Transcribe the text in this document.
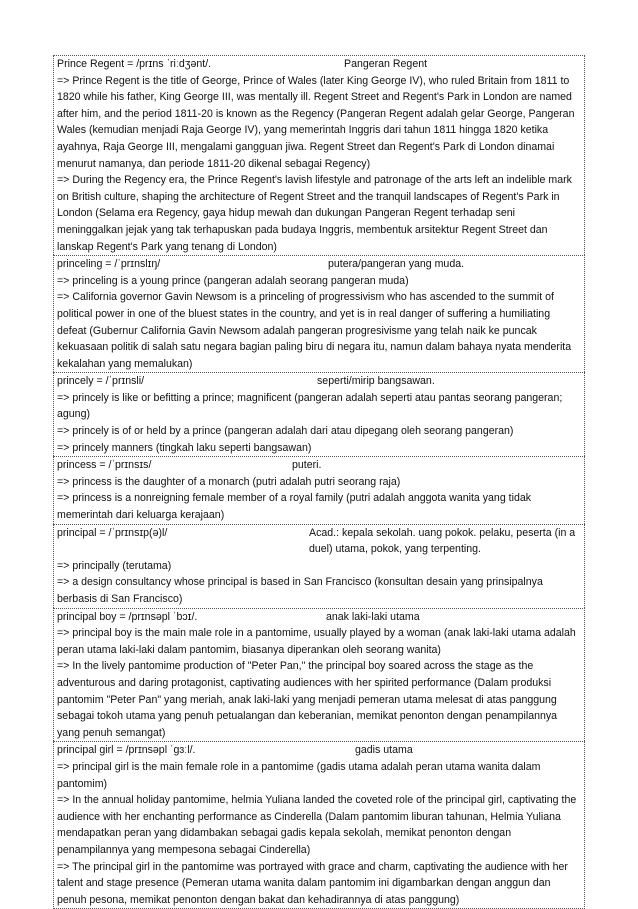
Prince Regent = /prɪns ˈriːdʒənt/.	Pangeran Regent
=> Prince Regent is the title of George, Prince of Wales (later King George IV), who ruled Britain from 1811 to 1820 while his father, King George III, was mentally ill. Regent Street and Regent's Park in London are named after him, and the period 1811-20 is known as the Regency (Pangeran Regent adalah gelar George, Pangeran Wales (kemudian menjadi Raja George IV), yang memerintah Inggris dari tahun 1811 hingga 1820 ketika ayahnya, Raja George III, mengalami gangguan jiwa. Regent Street dan Regent's Park di London dinamai menurut namanya, dan periode 1811-20 dikenal sebagai Regency)
=> During the Regency era, the Prince Regent's lavish lifestyle and patronage of the arts left an indelible mark on British culture, shaping the architecture of Regent Street and the tranquil landscapes of Regent's Park in London (Selama era Regency, gaya hidup mewah dan dukungan Pangeran Regent terhadap seni meninggalkan jejak yang tak terhapuskan pada budaya Inggris, membentuk arsitektur Regent Street dan lanskap Regent's Park yang tenang di London)
princeling = /ˈprɪnslɪŋ/	putera/pangeran yang muda.
=> princeling is a young prince (pangeran adalah seorang pangeran muda)
=> California governor Gavin Newsom is a princeling of progressivism who has ascended to the summit of political power in one of the bluest states in the country, and yet is in real danger of suffering a humiliating defeat (Gubernur California Gavin Newsom adalah pangeran progresivisme yang telah naik ke puncak kekuasaan politik di salah satu negara bagian paling biru di negara itu, namun dalam bahaya nyata menderita kekalahan yang memalukan)
princely = /ˈprɪnsli/	seperti/mirip bangsawan.
=> princely is like or befitting a prince; magnificent (pangeran adalah seperti atau pantas seorang pangeran; agung)
=> princely is of or held by a prince (pangeran adalah dari atau dipegang oleh seorang pangeran)
=> princely manners (tingkah laku seperti bangsawan)
princess = /ˈprɪnsɪs/	puteri.
=> princess is the daughter of a monarch (putri adalah putri seorang raja)
=> princess is a nonreigning female member of a royal family (putri adalah anggota wanita yang tidak memerintah dari keluarga kerajaan)
principal = /ˈprɪnsɪp(ə)l/	Acad.: kepala sekolah. uang pokok. pelaku, peserta (in a duel) utama, pokok, yang terpenting.
=> principally (terutama)
=> a design consultancy whose principal is based in San Francisco (konsultan desain yang prinsipalnya berbasis di San Francisco)
principal boy = /prɪnsəpl ˈbɔɪ/.	anak laki-laki utama
=> principal boy is the main male role in a pantomime, usually played by a woman (anak laki-laki utama adalah peran utama laki-laki dalam pantomim, biasanya diperankan oleh seorang wanita)
=> In the lively pantomime production of "Peter Pan," the principal boy soared across the stage as the adventurous and daring protagonist, captivating audiences with her spirited performance (Dalam produksi pantomim "Peter Pan" yang meriah, anak laki-laki yang menjadi pemeran utama melesat di atas panggung sebagai tokoh utama yang penuh petualangan dan keberanian, memikat penonton dengan penampilannya yang penuh semangat)
principal girl = /prɪnsəpl ˈɡɜːl/.	gadis utama
=> principal girl is the main female role in a pantomime (gadis utama adalah peran utama wanita dalam pantomim)
=> In the annual holiday pantomime, helmia Yuliana landed the coveted role of the principal girl, captivating the audience with her enchanting performance as Cinderella (Dalam pantomim liburan tahunan, Helmia Yuliana mendapatkan peran yang didambakan sebagai gadis kepala sekolah, memikat penonton dengan penampilannya yang mempesona sebagai Cinderella)
=> The principal girl in the pantomime was portrayed with grace and charm, captivating the audience with her talent and stage presence (Pemeran utama wanita dalam pantomim ini digambarkan dengan anggun dan penuh pesona, memikat penonton dengan bakat dan kehadirannya di atas panggung)
